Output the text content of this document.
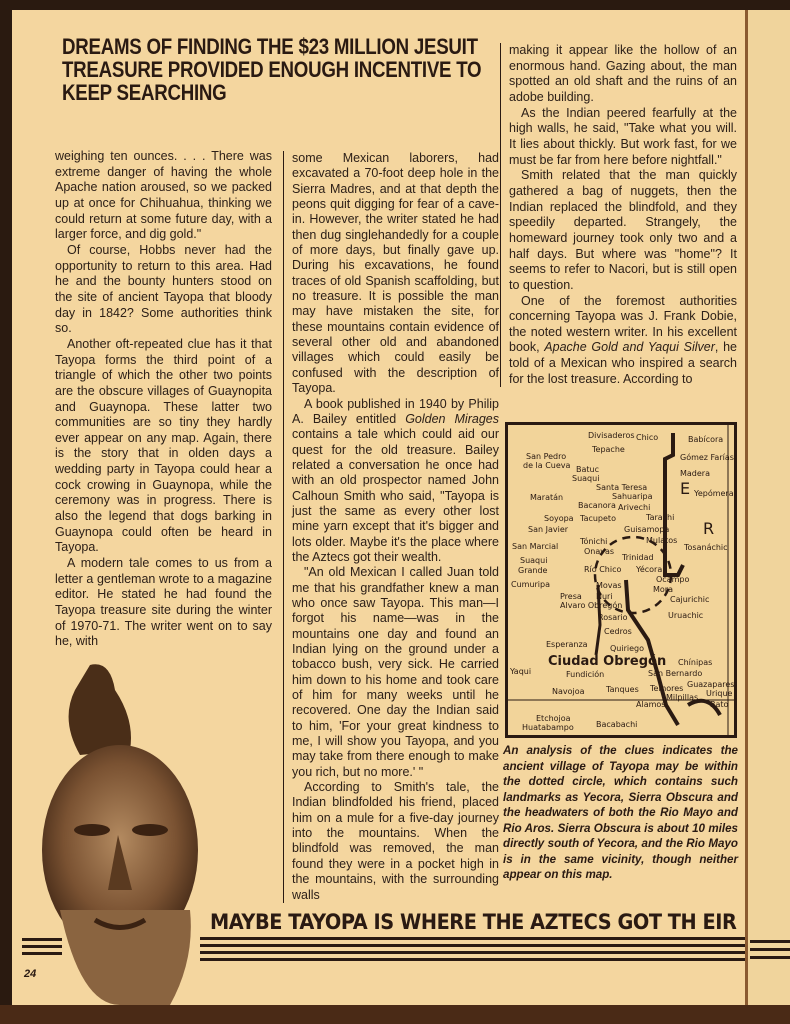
DREAMS OF FINDING THE $23 MILLION JESUIT TREASURE PROVIDED ENOUGH INCENTIVE TO KEEP SEARCHING

weighing ten ounces. . . . There was extreme danger of having the whole Apache nation aroused, so we packed up at once for Chihuahua, thinking we could return at some future day, with a larger force, and dig gold."

Of course, Hobbs never had the opportunity to return to this area. Had he and the bounty hunters stood on the site of ancient Tayopa that bloody day in 1842? Some authorities think so.

Another oft-repeated clue has it that Tayopa forms the third point of a triangle of which the other two points are the obscure villages of Guaynopita and Guaynopa. These latter two communities are so tiny they hardly ever appear on any map. Again, there is the story that in olden days a wedding party in Tayopa could hear a cock crowing in Guaynopa, while the ceremony was in progress. There is also the legend that dogs barking in Guaynopa could often be heard in Tayopa.

A modern tale comes to us from a letter a gentleman wrote to a magazine editor. He stated he had found the Tayopa treasure site during the winter of 1970-71. The writer went on to say he, with

some Mexican laborers, had excavated a 70-foot deep hole in the Sierra Madres, and at that depth the peons quit digging for fear of a cave-in. However, the writer stated he had then dug singlehandedly for a couple of more days, but finally gave up. During his excavations, he found traces of old Spanish scaffolding, but no treasure. It is possible the man may have mistaken the site, for these mountains contain evidence of several other old and abandoned villages which could easily be confused with the description of Tayopa.

A book published in 1940 by Philip A. Bailey entitled Golden Mirages contains a tale which could aid our quest for the old treasure. Bailey related a conversation he once had with an old prospector named John Calhoun Smith who said, "Tayopa is just the same as every other lost mine yarn except that it's bigger and lots older. Maybe it's the place where the Aztecs got their wealth.

"An old Mexican I called Juan told me that his grandfather knew a man who once saw Tayopa. This man—I forgot his name—was in the mountains one day and found an Indian lying on the ground under a tobacco bush, very sick. He carried him down to his home and took care of him for many weeks until he recovered. One day the Indian said to him, 'For your great kindness to me, I will show you Tayopa, and you may take from there enough to make you rich, but no more.' "

According to Smith's tale, the Indian blindfolded his friend, placed him on a mule for a five-day journey into the mountains. When the blindfold was removed, the man found they were in a pocket high in the mountains, with the surrounding walls

making it appear like the hollow of an enormous hand. Gazing about, the man spotted an old shaft and the ruins of an adobe building.

As the Indian peered fearfully at the high walls, he said, "Take what you will. It lies about thickly. But work fast, for we must be far from here before nightfall."

Smith related that the man quickly gathered a bag of nuggets, then the Indian replaced the blindfold, and they speedily departed. Strangely, the homeward journey took only two and a half days. But where was "home"? It seems to refer to Nacori, but is still open to question.

One of the foremost authorities concerning Tayopa was J. Frank Dobie, the noted western writer. In his excellent book, Apache Gold and Yaqui Silver, he told of a Mexican who inspired a search for the lost treasure. According to

Chico
Divisaderos
Tepache
San Pedro
de la Cueva Batuc
Suaqui
Santa Teresa
Sahuaripa
Maratán
Arivechi
Bacanora
Soyopa Tacupeto	Tarachi
San Javier	Guisamopa
Tónichi	Mulatos
San Marcial
Onavas
Trinidad
Suaqui
Grande	Yécora
Río Chico
Babícora
Gómez Farías
Madera
Yepómera
Tosanáchic
Ocampo
Cumuripa	Movas	Mora
Cajurichic
Nuri
Presa
Alvaro Obregón
Uruachic
Rosario
Cedros
Esperanza	Quiriego
Ciudad Obregón
San Bernardo
Chínipas
Guazapares
Fundición
Temores
Tanques
Navojoa
Milpillas Urique
Alamos	Bato
Etchojoa
Huatabampo	Bacabachi
Yaqui
E
R
An analysis of the clues indicates the ancient village of Tayopa may be within the dotted circle, which contains such landmarks as Yecora, Sierra Obscura and the headwaters of both the Rio Mayo and Rio Aros. Sierra Obscura is about 10 miles directly south of Yecora, and the Rio Mayo is in the same vicinity, though neither appear on this map.
MAYBE TAYOPA IS WHERE THE AZTECS GOT TH EIR
24
